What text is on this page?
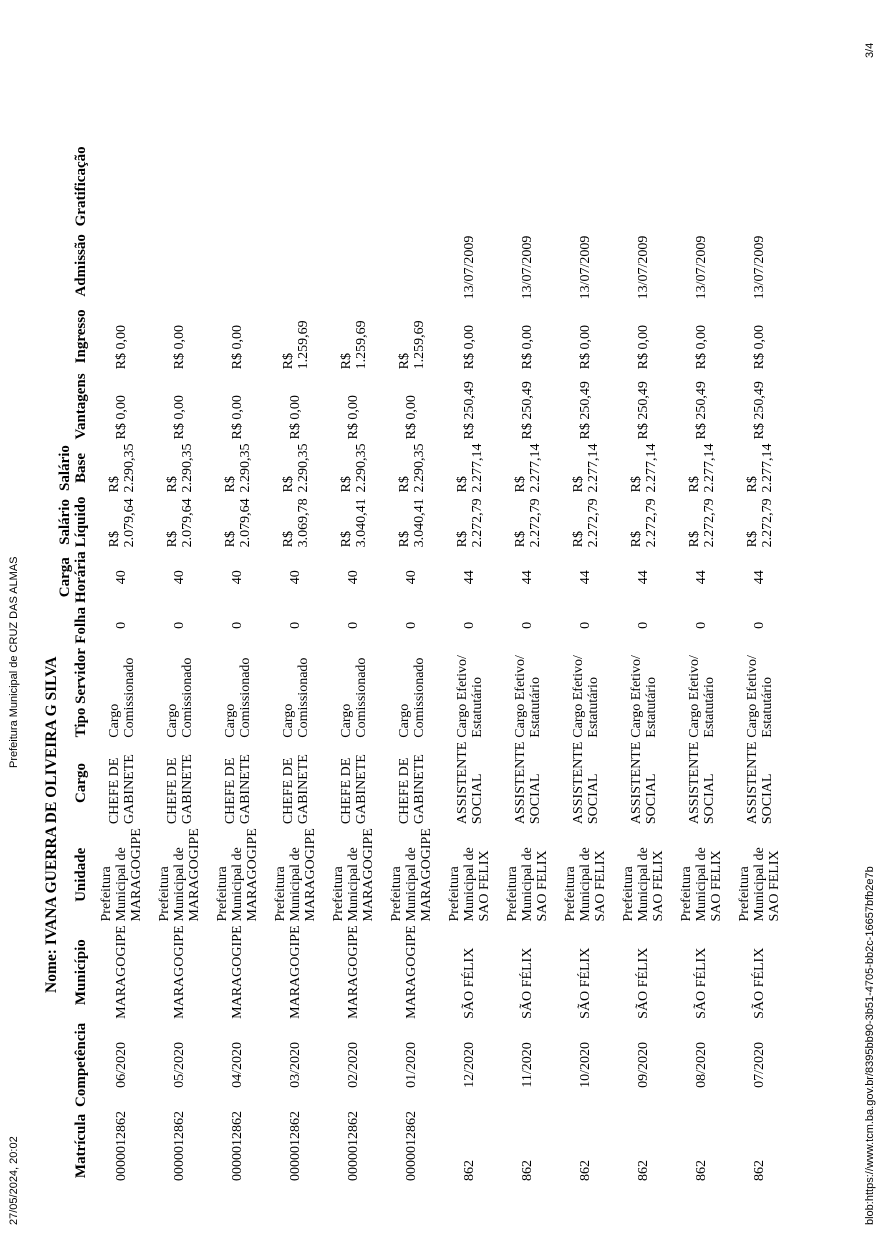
27/05/2024, 20:02
Prefeitura Municipal de CRUZ DAS ALMAS Nome: IVANA GUERRA DE OLIVEIRA G SILVA
Matrícula	Competência	Município	Unidade	Cargo	Tipo Servidor	Folha	Carga Horária	Salário Líquido	Salário Base	Vantagens	Ingresso	Admissão	Gratificação
0000012862	06/2020	MARAGOGIPE	Prefeitura Municipal de MARAGOGIPE	CHEFE DE GABINETE	Cargo Comissionado	0	40	R$ 2.079,64	R$ 2.290,35	R$ 0,00	R$ 0,00		
0000012862	05/2020	MARAGOGIPE	Prefeitura Municipal de MARAGOGIPE	CHEFE DE GABINETE	Cargo Comissionado	0	40	R$ 2.079,64	R$ 2.290,35	R$ 0,00	R$ 0,00		
0000012862	04/2020	MARAGOGIPE	Prefeitura Municipal de MARAGOGIPE	CHEFE DE GABINETE	Cargo Comissionado	0	40	R$ 2.079,64	R$ 2.290,35	R$ 0,00	R$ 0,00		
0000012862	03/2020	MARAGOGIPE	Prefeitura Municipal de MARAGOGIPE	CHEFE DE GABINETE	Cargo Comissionado	0	40	R$ 3.069,78	R$ 2.290,35	R$ 0,00	R$ 1.259,69		
0000012862	02/2020	MARAGOGIPE	Prefeitura Municipal de MARAGOGIPE	CHEFE DE GABINETE	Cargo Comissionado	0	40	R$ 3.040,41	R$ 2.290,35	R$ 0,00	R$ 1.259,69		
0000012862	01/2020	MARAGOGIPE	Prefeitura Municipal de MARAGOGIPE	CHEFE DE GABINETE	Cargo Comissionado	0	40	R$ 3.040,41	R$ 2.290,35	R$ 0,00	R$ 1.259,69		
862	12/2020	SÃO FÉLIX	Prefeitura Municipal de SAO FELIX	ASSISTENTE SOCIAL	Cargo Efetivo/ Estatutário	0	44	R$ 2.272,79	R$ 2.277,14	R$ 250,49	R$ 0,00	13/07/2009	
862	11/2020	SÃO FÉLIX	Prefeitura Municipal de SAO FELIX	ASSISTENTE SOCIAL	Cargo Efetivo/ Estatutário	0	44	R$ 2.272,79	R$ 2.277,14	R$ 250,49	R$ 0,00	13/07/2009	
862	10/2020	SÃO FÉLIX	Prefeitura Municipal de SAO FELIX	ASSISTENTE SOCIAL	Cargo Efetivo/ Estatutário	0	44	R$ 2.272,79	R$ 2.277,14	R$ 250,49	R$ 0,00	13/07/2009	
862	09/2020	SÃO FÉLIX	Prefeitura Municipal de SAO FELIX	ASSISTENTE SOCIAL	Cargo Efetivo/ Estatutário	0	44	R$ 2.272,79	R$ 2.277,14	R$ 250,49	R$ 0,00	13/07/2009	
862	08/2020	SÃO FÉLIX	Prefeitura Municipal de SAO FELIX	ASSISTENTE SOCIAL	Cargo Efetivo/ Estatutário	0	44	R$ 2.272,79	R$ 2.277,14	R$ 250,49	R$ 0,00	13/07/2009	
862	07/2020	SÃO FÉLIX	Prefeitura Municipal de SAO FELIX	ASSISTENTE SOCIAL	Cargo Efetivo/ Estatutário	0	44	R$ 2.272,79	R$ 2.277,14	R$ 250,49	R$ 0,00	13/07/2009	
blob:https://www.tcm.ba.gov.br/8395bb90-3b51-4705-bb2c-16657bfb2e7b
3/4
